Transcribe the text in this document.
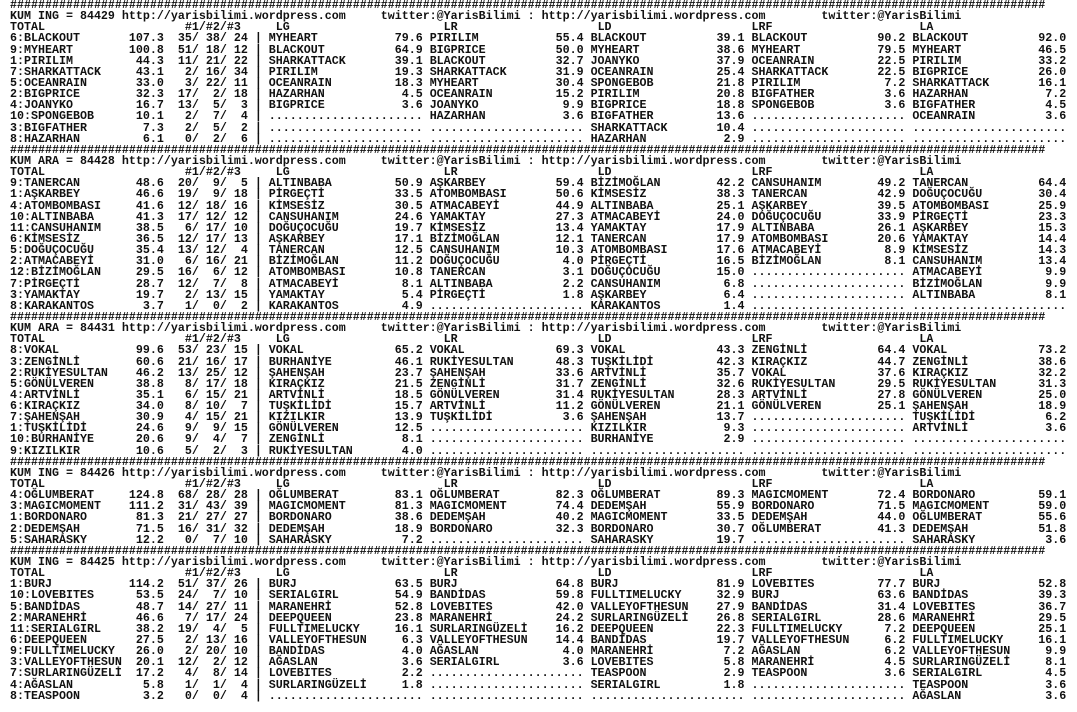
####################################################################################################################################################
KUM ING = 84429 http://yarisbilimi.wordpress.com	twitter:@YarisBilimi : http://yarisbilimi.wordpress.com	twitter:@YarisBilimi
TOTAL	#1/#2/#3	LG	LR	LD	LRF	LA
6:BLACKOUT	107.3 35 / 38 / 24 | MYHEART	79.6 PIRILIM	55.4 BLACKOUT	39.1 BLACKOUT	90.2 BLACKOUT	92.0
9:MYHEART	100.8 51 / 18 / 12 | BLACKOUT	64.9 BIGPRICE	50.0 MYHEART	38.6 MYHEART	79.5 MYHEART	46.5
1:PIRILIM	44.3 11 / 21 / 22 | SHARKATTACK	39.1 BLACKOUT	32.7 JOANYKO	37.9 OCEANRAIN	22.5 PIRILIM	33.2
7:SHARKATTACK	43.1 2 / 16 / 34 | PIRILIM	19.3 SHARKATTACK	31.9 OCEANRAIN	25.4 SHARKATTACK	22.5 BIGPRICE	26.0
5:OCEANRAIN	33.0 3 / 22 / 11 | OCEANRAIN	18.3 MYHEART	30.4 SPONGEBOB	21.8 PIRILIM	7.2 SHARKATTACK	16.1
2:BIGPRICE	32.3 17 / 2 / 18 | HAZARHAN	4.5 OCEANRAIN	15.2 PIRILIM	20.8 BIGFATHER	3.6 HAZARHAN	7.2
4:JOANYKO	16.7 13 / 5 / 3 | BIGPRICE	3.6 JOANYKO	9.9 BIGPRICE	18.8 SPONGEBOB	3.6 BIGFATHER	4.5
10:SPONGEBOB	10.1 2 / 7 / 4 | ...................... HAZARHAN	3.6 BIGFATHER	13.6 ...................... OCEANRAIN	3.6
3:BIGFATHER	7.3 2 / 5 / 2 | ...................... ...................... SHARKATTACK	10.4 ...................... ......................
8:HAZARHAN	6.1 0 / 2 / 6 | ...................... ...................... HAZARHAN	2.9 ...................... ......................
####################################################################################################################################################
KUM ARA = 84428 http://yarisbilimi.wordpress.com	twitter:@YarisBilimi : http://yarisbilimi.wordpress.com	twitter:@YarisBilimi
TOTAL	#1/#2/#3	LG	LR	LD	LRF	LA
9:TANERCAN	48.6 20 / 9 / 5 | ALTINBABA	50.9 AŞKARBEY	59.4 BİZİMOĞLAN	42.2 CANSUHANIM	49.2 TANERCAN	64.4
1:AŞKARBEY	46.6 19 / 9 / 18 | PİRGEÇTİ	33.5 ATOMBOMBASI	50.6 KİMSESİZ	38.3 TANERCAN	42.9 DOĞUÇOCUĞU	30.4
4:ATOMBOMBASI	41.6 12 / 18 / 16 | KİMSESİZ	30.5 ATMACABEYİ	44.9 ALTINBABA	25.1 AŞKARBEY	39.5 ATOMBOMBASI	25.9
10:ALTINBABA	41.3 17 / 12 / 12 | CANSUHANIM	24.6 YAMAKTAY	27.3 ATMACABEYİ	24.0 DOĞUÇOCUĞU	33.9 PİRGEÇTİ	23.3
11:CANSUHANIM	38.5 6 / 17 / 10 | DOĞUÇOCUĞU	19.7 KİMSESİZ	13.4 YAMAKTAY	17.9 ALTINBABA	26.1 AŞKARBEY	15.3
6:KİMSESİZ	36.5 12 / 17 / 13 | AŞKARBEY	17.1 BİZİMOĞLAN	12.1 TANERCAN	17.9 ATOMBOMBASI	20.6 YAMAKTAY	14.4
5:DOĞUÇOCUĞU	35.4 13 / 12 / 4 | TANERCAN	12.5 CANSUHANIM	10.3 ATOMBOMBASI	17.6 ATMACABEYİ	8.9 KİMSESİZ	14.3
2:ATMACABEYİ	31.0 6 / 16 / 21 | BİZİMOĞLAN	11.2 DOĞUÇOCUĞU	4.0 PİRGEÇTİ	16.5 BİZİMOĞLAN	8.1 CANSUHANIM	13.4
12:BİZİMOĞLAN	29.5 16 / 6 / 12 | ATOMBOMBASI	10.8 TANERCAN	3.1 DOĞUÇOCUĞU	15.0 ...................... ATMACABEYİ	9.9
7:PİRGEÇTİ	28.7 12 / 7 / 8 | ATMACABEYİ	8.1 ALTINBABA	2.2 CANSUHANIM	6.8 ...................... BİZİMOĞLAN	9.9
3:YAMAKTAY	19.7 2 / 13 / 15 | YAMAKTAY	5.4 PİRGEÇTİ	1.8 AŞKARBEY	6.4 ...................... ALTINBABA	8.1
8:KARAKANTOS	3.7 1 / 0 / 2 | KARAKANTOS	4.9 ...................... KARAKANTOS	1.4 ...................... ......................
####################################################################################################################################################
KUM ARA = 84431 http://yarisbilimi.wordpress.com	twitter:@YarisBilimi : http://yarisbilimi.wordpress.com	twitter:@YarisBilimi
TOTAL	#1/#2/#3	LG	LR	LD	LRF	LA
8:VOKAL	99.6 53 / 23 / 15 | VOKAL	65.2 VOKAL	69.3 VOKAL	43.3 ZENGİNLİ	64.4 VOKAL	73.2
3:ZENGİNLİ	60.6 21 / 16 / 17 | BURHANİYE	46.1 RUKİYESULTAN	48.3 TUŞKİLİDİ	42.3 KIRAÇKIZ	44.7 ZENGİNLİ	38.6
2:RUKİYESULTAN 46.2 13 / 25 / 12 | ŞAHENŞAH	23.7 ŞAHENŞAH	33.6 ARTVİNLİ	35.7 VOKAL	37.6 KIRAÇKIZ	32.2
5:GÖNÜLVEREN	38.8 8 / 17 / 18 | KIRAÇKIZ	21.5 ZENGİNLİ	31.7 ZENGİNLİ	32.6 RUKİYESULTAN	29.5 RUKİYESULTAN	31.3
4:ARTVİNLİ	35.1 6 / 15 / 21 | ARTVİNLİ	18.5 GÖNÜLVEREN	31.4 RUKİYESULTAN	28.3 ARTVİNLİ	27.8 GÖNÜLVEREN	25.0
6:KIRAÇKIZ	34.0 8 / 10 / 7 | TUŞKİLİDİ	15.7 ARTVİNLİ	11.2 GÖNÜLVEREN	21.1 GÖNÜLVEREN	25.1 ŞAHENŞAH	18.9
7:ŞAHENŞAH	30.9 4 / 15 / 21 | KIZILKIR	13.9 TUŞKİLİDİ	3.6 ŞAHENŞAH	13.7 ...................... TUŞKİLİDİ	6.2
1:TUŞKİLİDİ	24.6 9 / 9 / 15 | GÖNÜLVEREN	12.5 ...................... KIZILKIR	9.3 ...................... ARTVİNLİ	3.6
10:BURHANİYE	20.6 9 / 4 / 7 | ZENGİNLİ	8.1 ...................... BURHANİYE	2.9 ...................... ......................
9:KIZILKIR	10.6 5 / 2 / 3 | RUKİYESULTAN	4.0 ...................... ...................... ...................... ......................
####################################################################################################################################################
KUM ING = 84426 http://yarisbilimi.wordpress.com	twitter:@YarisBilimi : http://yarisbilimi.wordpress.com	twitter:@YarisBilimi
TOTAL	#1/#2/#3	LG	LR	LD	LRF	LA
4:OĞLUMBERAT	124.8 68 / 28 / 28 | OĞLUMBERAT	83.1 OĞLUMBERAT	82.3 OĞLUMBERAT	89.3 MAGICMOMENT	72.4 BORDONARO	59.1
3:MAGICMOMENT 111.2 31 / 43 / 39 | MAGICMOMENT	81.3 MAGICMOMENT	74.4 DEDEMŞAH	55.9 BORDONARO	71.5 MAGICMOMENT	59.0
1:BORDONARO	81.3 21 / 27 / 27 | BORDONARO	38.6 DEDEMŞAH	40.2 MAGICMOMENT	33.5 DEDEMŞAH	44.0 OĞLUMBERAT	55.6
2:DEDEMŞAH	71.5 16 / 31 / 32 | DEDEMŞAH	18.9 BORDONARO	32.3 BORDONARO	30.7 OĞLUMBERAT	41.3 DEDEMŞAH	51.8
5:SAHARASKY	12.2 0 / 7 / 10 | SAHARASKY	7.2 ...................... SAHARASKY	19.7 ...................... SAHARASKY	3.6
####################################################################################################################################################
KUM ING = 84425 http://yarisbilimi.wordpress.com	twitter:@YarisBilimi : http://yarisbilimi.wordpress.com	twitter:@YarisBilimi
TOTAL	#1/#2/#3	LG	LR	LD	LRF	LA
1:BURJ	114.2 51 / 37 / 26 | BURJ	63.5 BURJ	64.8 BURJ	81.9 LOVEBITES	77.7 BURJ	52.8
10:LOVEBITES	53.5 24 / 7 / 10 | SERIALGIRL	54.9 BANDİDAS	59.8 FULLTIMELUCKY	32.9 BURJ	63.6 BANDİDAS	39.3
5:BANDİDAS	48.7 14 / 27 / 11 | MARANEHRİ	52.8 LOVEBITES	42.0 VALLEYOFTHESUN 27.9 BANDİDAS	31.4 LOVEBITES	36.7
2:MARANEHRİ	46.6 7 / 17 / 24 | DEEPQUEEN	23.8 MARANEHRİ	24.2 SURLARINGÜZELİ 26.8 SERIALGIRL	28.6 MARANEHRİ	29.5
11:SERIALGIRL	38.2 19 / 4 / 5 | FULLTIMELUCKY	16.1 SURLARINGÜZELİ 16.2 DEEPQUEEN	22.3 FULLTIMELUCKY	7.2 DEEPQUEEN	25.1
6:DEEPQUEEN	27.5 2 / 13 / 16 | VALLEYOFTHESUN	6.3 VALLEYOFTHESUN 14.4 BANDİDAS	19.7 VALLEYOFTHESUN	6.2 FULLTIMELUCKY	16.1
9:FULLTIMELUCKY 26.0 2 / 20 / 10 | BANDİDAS	4.0 AĞASLAN	4.0 MARANEHRİ	7.2 AĞASLAN	6.2 VALLEYOFTHESUN	9.9
3:VALLEYOFTHESUN 20.1 12 / 2 / 12 | AĞASLAN	3.6 SERIALGIRL	3.6 LOVEBITES	5.8 MARANEHRİ	4.5 SURLARINGÜZELİ	8.1
7:SURLARINGÜZELİ 17.2 4 / 8 / 14 | LOVEBITES	2.2 ...................... TEASPOON	2.9 TEASPOON	3.6 SERIALGIRL	4.5
4:AĞASLAN	5.8 1 / 1 / 4 | SURLARINGÜZELİ	1.8 ...................... SERIALGIRL	1.8 ...................... TEASPOON	3.6
8:TEASPOON	3.2 0 / 0 / 4 | ...................... ...................... ...................... ...................... AĞASLAN	3.6
